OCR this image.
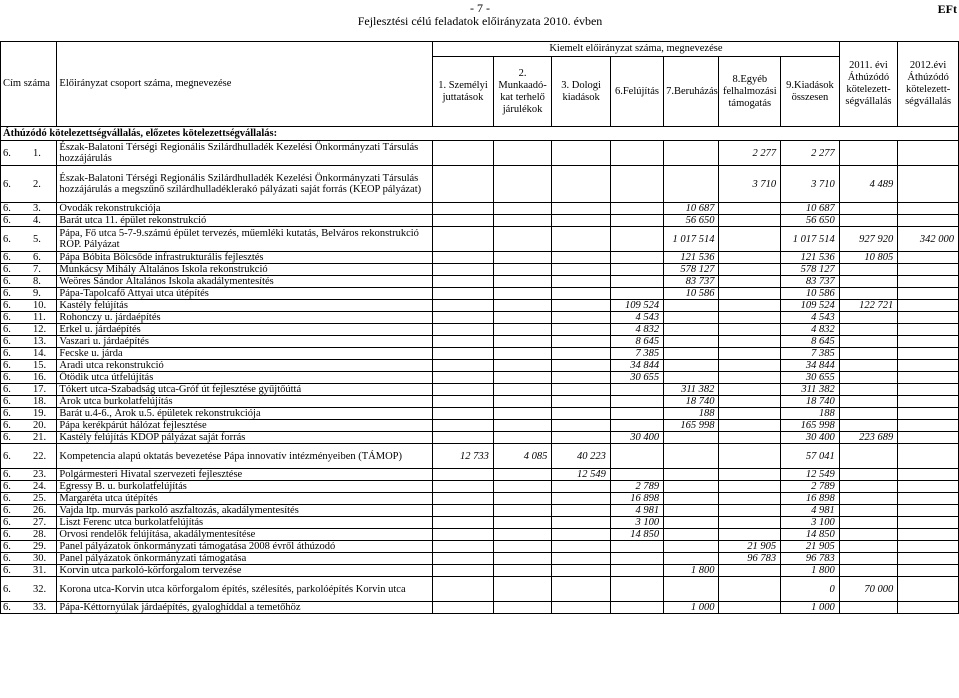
- 7 -
Fejlesztési célú feladatok előirányzata 2010. évben
EFt
Cím száma	Előirányzat csoport száma, megnevezése	Kiemelt előirányzat száma, megnevezése							2011. évi Áthúzódó kötelezett-ségvállalás	2012.évi Áthúzódó kötelezett-ségvállalás
		1. Személyi juttatások	2. Munkaadó-kat terhelő járulékok	3. Dologi kiadások	6.Felújítás	7.Beruházás	8.Egyéb felhalmozási támogatás	9.Kiadások összesen		
Áthúzódó kötelezettségvállalás, előzetes kötelezettségvállalás:										
6. 1.	Észak-Balatoni Térségi Regionális Szilárdhulladék Kezelési Önkormányzati Társulás hozzájárulás						2 277	2 277		
6. 2.	Észak-Balatoni Térségi Regionális Szilárdhulladék Kezelési Önkormányzati Társulás hozzájárulás a megszűnő szilárdhulladéklerakó pályázati saját forrás (KEOP pályázat)						3 710	3 710	4 489	
6. 3.	Óvodák rekonstrukciója					10 687		10 687		
6. 4.	Barát utca 11. épület rekonstrukció					56 650		56 650		
6. 5.	Pápa, Fő utca 5-7-9.számú épület tervezés, műemléki kutatás, Belváros rekonstrukció ROP. Pályázat					1 017 514		1 017 514	927 920	342 000
6. 6.	Pápa Bóbita Bölcsőde infrastrukturális fejlesztés					121 536		121 536	10 805	
6. 7.	Munkácsy Mihály Általános Iskola rekonstrukció					578 127		578 127		
6. 8.	Weöres Sándor Általános Iskola akadálymentesítés					83 737		83 737		
6. 9.	Pápa-Tapolcafő Attyai utca útépítés					10 586		10 586		
6. 10.	Kastély felújítás				109 524			109 524	122 721	
6. 11.	Rohonczy u. járdaépítés				4 543			4 543		
6. 12.	Erkel u. járdaépítés				4 832			4 832		
6. 13.	Vaszari u. járdaépítés				8 645			8 645		
6. 14.	Fecske u. járda				7 385			7 385		
6. 15.	Aradi utca rekonstrukció				34 844			34 844		
6. 16.	Ötödik utca útfelújítás				30 655			30 655		
6. 17.	Tókert utca-Szabadság utca-Gróf út fejlesztése gyűjtőúttá					311 382		311 382		
6. 18.	Árok utca burkolatfelújítás					18 740		18 740		
6. 19.	Barát u.4-6., Árok u.5. épületek rekonstrukciója					188		188		
6. 20.	Pápa kerékpárút hálózat fejlesztése					165 998		165 998		
6. 21.	Kastély felújítás KDOP pályázat saját forrás				30 400			30 400	223 689	
6. 22.	Kompetencia alapú oktatás bevezetése Pápa innovatív intézményeiben (TÁMOP)	12 733	4 085	40 223				57 041		
6. 23.	Polgármesteri Hivatal szervezeti fejlesztése			12 549				12 549		
6. 24.	Egressy B. u. burkolatfelújítás				2 789			2 789		
6. 25.	Margaréta utca útépítés				16 898			16 898		
6. 26.	Vajda ltp. murvás parkoló aszfaltozás, akadálymentesítés				4 981			4 981		
6. 27.	Liszt Ferenc utca burkolatfelújítás				3 100			3 100		
6. 28.	Orvosi rendelők felújítása, akadálymentesítése				14 850			14 850		
6. 29.	Panel pályázatok önkormányzati támogatása 2008 évről áthúzodó						21 905	21 905		
6. 30.	Panel pályázatok önkormányzati támogatása						96 783	96 783		
6. 31.	Korvin utca parkoló-körforgalom tervezése					1 800		1 800		
6. 32.	Korona utca-Korvin utca körforgalom építés, szélesítés, parkolóépítés Korvin utca							0	70 000	
6. 33.	Pápa-Kéttornyúlak járdaépítés, gyaloghíddal a temetőhöz					1 000		1 000		
